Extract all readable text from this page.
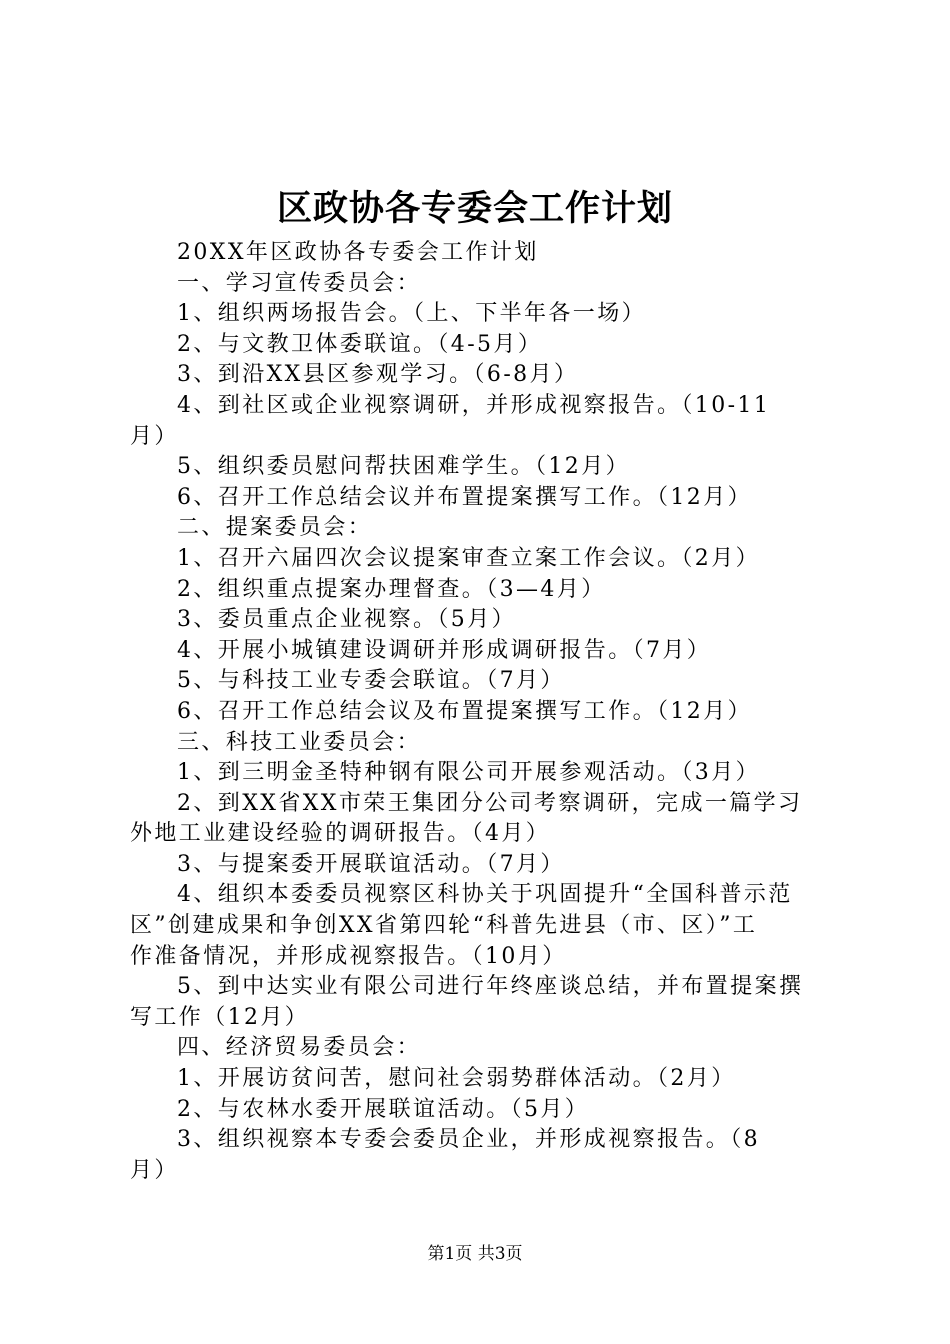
区政协各专委会工作计划
20XX年区政协各专委会工作计划
一、学习宣传委员会：
1、组织两场报告会。（上、下半年各一场）
2、与文教卫体委联谊。（4-5月）
3、到沿XX县区参观学习。（6-8月）
4、到社区或企业视察调研，并形成视察报告。（10-11
月）
5、组织委员慰问帮扶困难学生。（12月）
6、召开工作总结会议并布置提案撰写工作。（12月）
二、提案委员会：
1、召开六届四次会议提案审查立案工作会议。（2月）
2、组织重点提案办理督查。（3—4月）
3、委员重点企业视察。（5月）
4、开展小城镇建设调研并形成调研报告。（7月）
5、与科技工业专委会联谊。（7月）
6、召开工作总结会议及布置提案撰写工作。（12月）
三、科技工业委员会：
1、到三明金圣特种钢有限公司开展参观活动。（3月）
2、到XX省XX市荣王集团分公司考察调研，完成一篇学习
外地工业建设经验的调研报告。（4月）
3、与提案委开展联谊活动。（7月）
4、组织本委委员视察区科协关于巩固提升“全国科普示范
区”创建成果和争创XX省第四轮“科普先进县（市、区）”工
作准备情况，并形成视察报告。（10月）
5、到中达实业有限公司进行年终座谈总结，并布置提案撰
写工作（12月）
四、经济贸易委员会：
1、开展访贫问苦，慰问社会弱势群体活动。（2月）
2、与农林水委开展联谊活动。（5月）
3、组织视察本专委会委员企业，并形成视察报告。（8
月）
第1页 共3页
